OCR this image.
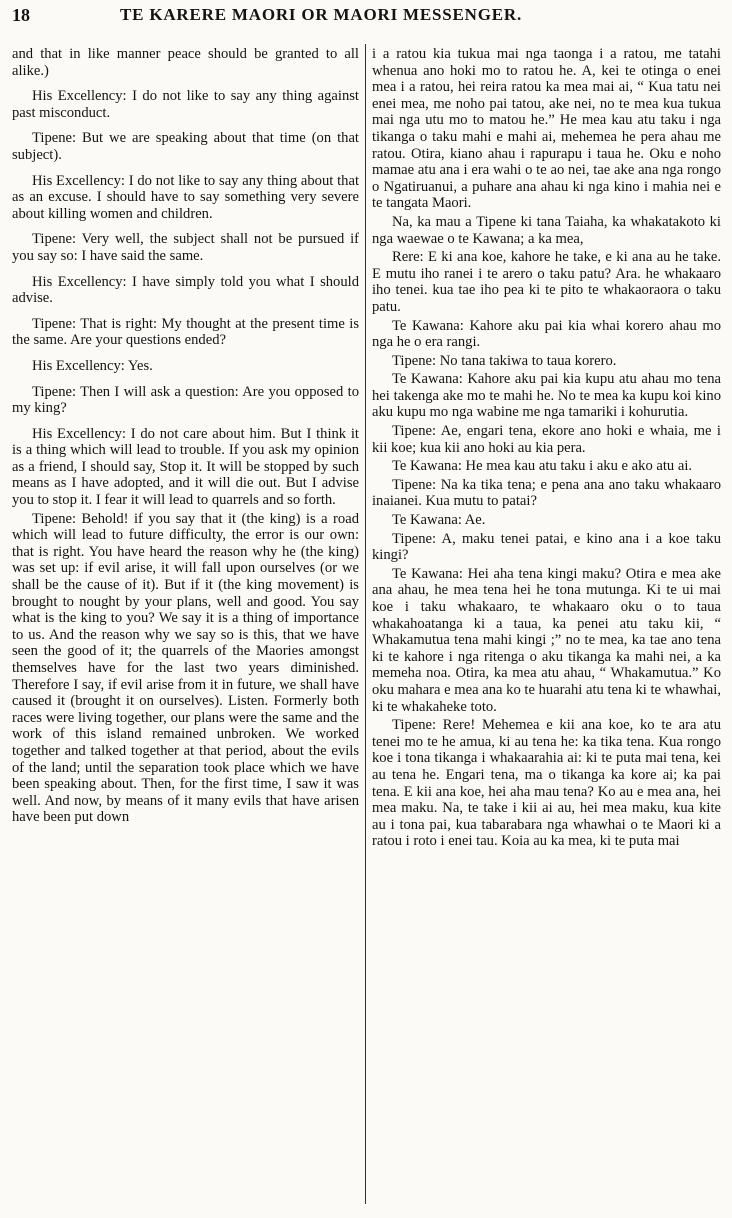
18	TE KARERE MAORI OR MAORI MESSENGER.

and that in like manner peace should be granted to all alike.)

His Excellency: I do not like to say any thing against past misconduct.

Tipene: But we are speaking about that time (on that subject).

His Excellency: I do not like to say any thing about that as an excuse. I should have to say something very severe about killing women and children.

Tipene: Very well, the subject shall not be pursued if you say so: I have said the same.

His Excellency: I have simply told you what I should advise.

Tipene: That is right: My thought at the present time is the same. Are your questions ended?

His Excellency: Yes.

Tipene: Then I will ask a question: Are you opposed to my king?

His Excellency: I do not care about him. But I think it is a thing which will lead to trouble. If you ask my opinion as a friend, I should say, Stop it. It will be stopped by such means as I have adopted, and it will die out. But I advise you to stop it. I fear it will lead to quarrels and so forth.

Tipene: Behold! if you say that it (the king) is a road which will lead to future difficulty, the error is our own: that is right. You have heard the reason why he (the king) was set up: if evil arise, it will fall upon ourselves (or we shall be the cause of it). But if it (the king movement) is brought to nought by your plans, well and good. You say what is the king to you? We say it is a thing of importance to us. And the reason why we say so is this, that we have seen the good of it; the quarrels of the Maories amongst themselves have for the last two years diminished. Therefore I say, if evil arise from it in future, we shall have caused it (brought it on ourselves). Listen. Formerly both races were living together, our plans were the same and the work of this island remained unbroken. We worked together and talked together at that period, about the evils of the land; until the separation took place which we have been speaking about. Then, for the first time, I saw it was well. And now, by means of it many evils that have arisen have been put down

i a ratou kia tukua mai nga taonga i a ratou, me tatahi whenua ano hoki mo to ratou he. A, kei te otinga o enei mea i a ratou, hei reira ratou ka mea mai ai, “ Kua tatu nei enei mea, me noho pai tatou, ake nei, no te mea kua tukua mai nga utu mo to matou he.” He mea kau atu taku i nga tikanga o taku mahi e mahi ai, mehemea he pera ahau me ratou. Otira, kiano ahau i rapurapu i taua he. Oku e noho mamae atu ana i era wahi o te ao nei, tae ake ana nga rongo o Ngatiruanui, a puhare ana ahau ki nga kino i mahia nei e te tangata Maori.

Na, ka mau a Tipene ki tana Taiaha, ka whakatakoto ki nga waewae o te Kawana; a ka mea,

Rere: E ki ana koe, kahore he take, e ki ana au he take. E mutu iho ranei i te arero o taku patu? Ara. he whakaaro iho tenei. kua tae iho pea ki te pito te whakaoraora o taku patu.

Te Kawana: Kahore aku pai kia whai korero ahau mo nga he o era rangi.

Tipene: No tana takiwa to taua korero.

Te Kawana: Kahore aku pai kia kupu atu ahau mo tena hei takenga ake mo te mahi he. No te mea ka kupu koi kino aku kupu mo nga wabine me nga tamariki i kohurutia.

Tipene: Ae, engari tena, ekore ano hoki e whaia, me i kii koe; kua kii ano hoki au kia pera.

Te Kawana: He mea kau atu taku i aku e ako atu ai.

Tipene: Na ka tika tena; e pena ana ano taku whakaaro inaianei. Kua mutu to patai?

Te Kawana: Ae.

Tipene: A, maku tenei patai, e kino ana i a koe taku kingi?

Te Kawana: Hei aha tena kingi maku? Otira e mea ake ana ahau, he mea tena hei he tona mutunga. Ki te ui mai koe i taku whakaaro, te whakaaro oku o to taua whakahoatanga ki a taua, ka penei atu taku kii, “ Whakamutua tena mahi kingi ;” no te mea, ka tae ano tena ki te kahore i nga ritenga o aku tikanga ka mahi nei, a ka memeha noa. Otira, ka mea atu ahau, “ Whakamutua.” Ko oku mahara e mea ana ko te huarahi atu tena ki te whawhai, ki te whakaheke toto.

Tipene: Rere! Mehemea e kii ana koe, ko te ara atu tenei mo te he amua, ki au tena he: ka tika tena. Kua rongo koe i tona tikanga i whakaarahia ai: ki te puta mai tena, kei au tena he. Engari tena, ma o tikanga ka kore ai; ka pai tena. E kii ana koe, hei aha mau tena? Ko au e mea ana, hei mea maku. Na, te take i kii ai au, hei mea maku, kua kite au i tona pai, kua tabarabara nga whawhai o te Maori ki a ratou i roto i enei tau. Koia au ka mea, ki te puta mai
